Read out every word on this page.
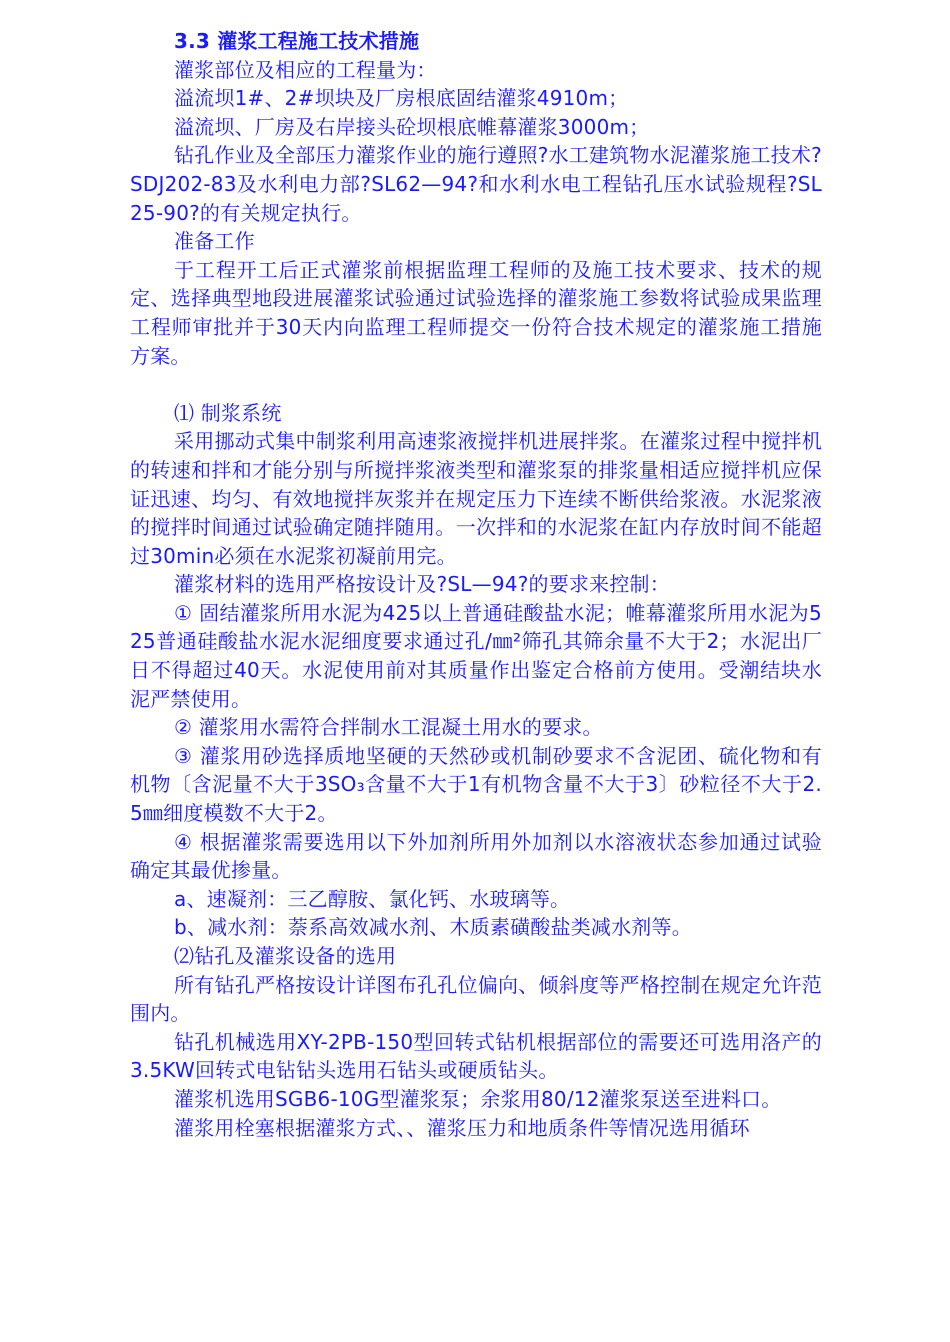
3.3 灌浆工程施工技术措施

灌浆部位及相应的工程量为：

溢流坝1#、2#坝块及厂房根底固结灌浆4910m；

溢流坝、厂房及右岸接头砼坝根底帷幕灌浆3000m；

钻孔作业及全部压力灌浆作业的施行遵照?水工建筑物水泥灌浆施工技术?SDJ202-83及水利电力部?SL62—94?和水利水电工程钻孔压水试验规程?SL25-90?的有关规定执行。

准备工作

于工程开工后正式灌浆前根据监理工程师的及施工技术要求、技术的规定、选择典型地段进展灌浆试验通过试验选择的灌浆施工参数将试验成果监理工程师审批并于30天内向监理工程师提交一份符合技术规定的灌浆施工措施方案。

⑴ 制浆系统

采用挪动式集中制浆利用高速浆液搅拌机进展拌浆。在灌浆过程中搅拌机的转速和拌和才能分别与所搅拌浆液类型和灌浆泵的排浆量相适应搅拌机应保证迅速、均匀、有效地搅拌灰浆并在规定压力下连续不断供给浆液。水泥浆液的搅拌时间通过试验确定随拌随用。一次拌和的水泥浆在缸内存放时间不能超过30min必须在水泥浆初凝前用完。

灌浆材料的选用严格按设计及?SL—94?的要求来控制：

① 固结灌浆所用水泥为425以上普通硅酸盐水泥；帷幕灌浆所用水泥为525普通硅酸盐水泥水泥细度要求通过孔/㎜²筛孔其筛余量不大于2；水泥出厂日不得超过40天。水泥使用前对其质量作出鉴定合格前方使用。受潮结块水泥严禁使用。

② 灌浆用水需符合拌制水工混凝土用水的要求。

③ 灌浆用砂选择质地坚硬的天然砂或机制砂要求不含泥团、硫化物和有机物〔含泥量不大于3SO₃含量不大于1有机物含量不大于3〕砂粒径不大于2.5㎜细度模数不大于2。

④ 根据灌浆需要选用以下外加剂所用外加剂以水溶液状态参加通过试验确定其最优掺量。

a、速凝剂：三乙醇胺、氯化钙、水玻璃等。

b、减水剂：萘系高效减水剂、木质素磺酸盐类减水剂等。

⑵钻孔及灌浆设备的选用

所有钻孔严格按设计详图布孔孔位偏向、倾斜度等严格控制在规定允许范围内。

钻孔机械选用XY-2PB-150型回转式钻机根据部位的需要还可选用洛产的3.5KW回转式电钻钻头选用石钻头或硬质钻头。

灌浆机选用SGB6-10G型灌浆泵；余浆用80/12灌浆泵送至进料口。

灌浆用栓塞根据灌浆方式、、灌浆压力和地质条件等情况选用循环
